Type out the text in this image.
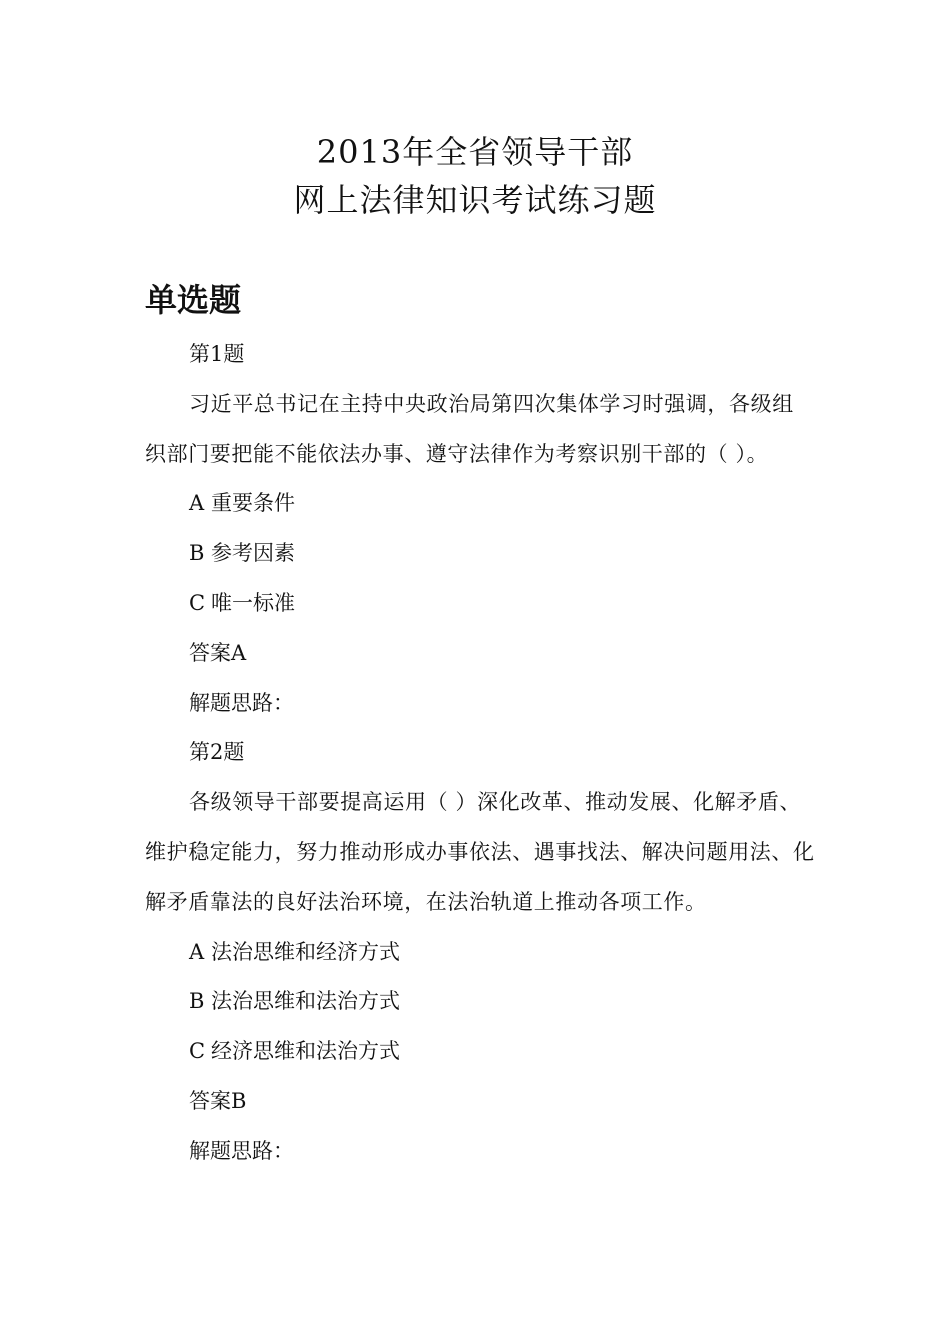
2013年全省领导干部

网上法律知识考试练习题

单选题

第1题

习近平总书记在主持中央政治局第四次集体学习时强调，各级组织部门要把能不能依法办事、遵守法律作为考察识别干部的（ ）。

A 重要条件

B 参考因素

C 唯一标准

答案A

解题思路：

第2题

各级领导干部要提高运用（ ）深化改革、推动发展、化解矛盾、维护稳定能力，努力推动形成办事依法、遇事找法、解决问题用法、化解矛盾靠法的良好法治环境，在法治轨道上推动各项工作。

A 法治思维和经济方式

B 法治思维和法治方式

C 经济思维和法治方式

答案B

解题思路：
